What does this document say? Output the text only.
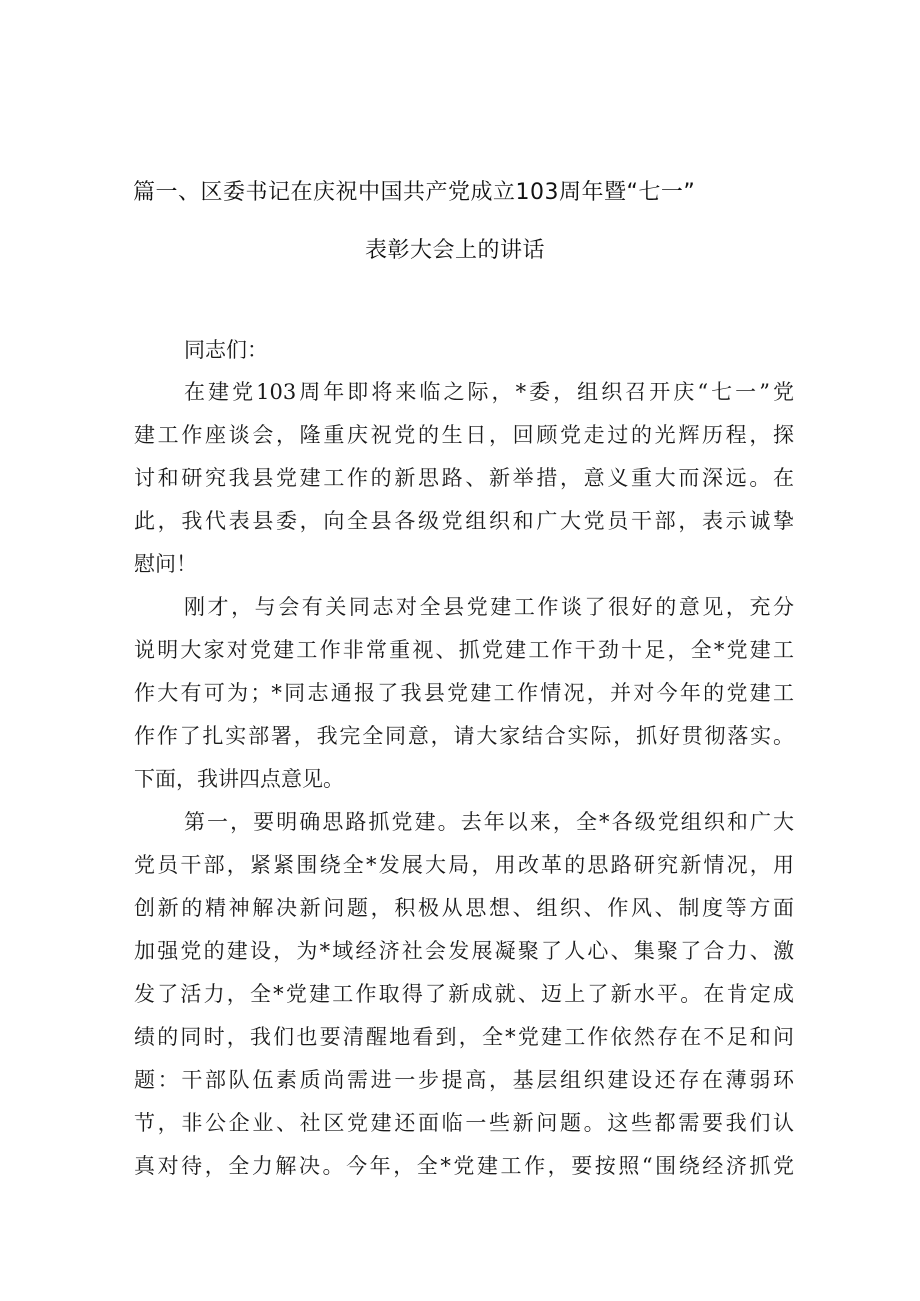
篇一、区委书记在庆祝中国共产党成立103周年暨“七一”
表彰大会上的讲话
同志们：
在建党103周年即将来临之际，*委，组织召开庆“七一”党
建工作座谈会，隆重庆祝党的生日，回顾党走过的光辉历程，探
讨和研究我县党建工作的新思路、新举措，意义重大而深远。在
此，我代表县委，向全县各级党组织和广大党员干部，表示诚挚
慰问！
刚才，与会有关同志对全县党建工作谈了很好的意见，充分
说明大家对党建工作非常重视、抓党建工作干劲十足，全*党建工
作大有可为；*同志通报了我县党建工作情况，并对今年的党建工
作作了扎实部署，我完全同意，请大家结合实际，抓好贯彻落实。
下面，我讲四点意见。
第一，要明确思路抓党建。去年以来，全*各级党组织和广大
党员干部，紧紧围绕全*发展大局，用改革的思路研究新情况，用
创新的精神解决新问题，积极从思想、组织、作风、制度等方面
加强党的建设，为*域经济社会发展凝聚了人心、集聚了合力、激
发了活力，全*党建工作取得了新成就、迈上了新水平。在肯定成
绩的同时，我们也要清醒地看到，全*党建工作依然存在不足和问
题：干部队伍素质尚需进一步提高，基层组织建设还存在薄弱环
节，非公企业、社区党建还面临一些新问题。这些都需要我们认
真对待，全力解决。今年，全*党建工作，要按照“围绕经济抓党
